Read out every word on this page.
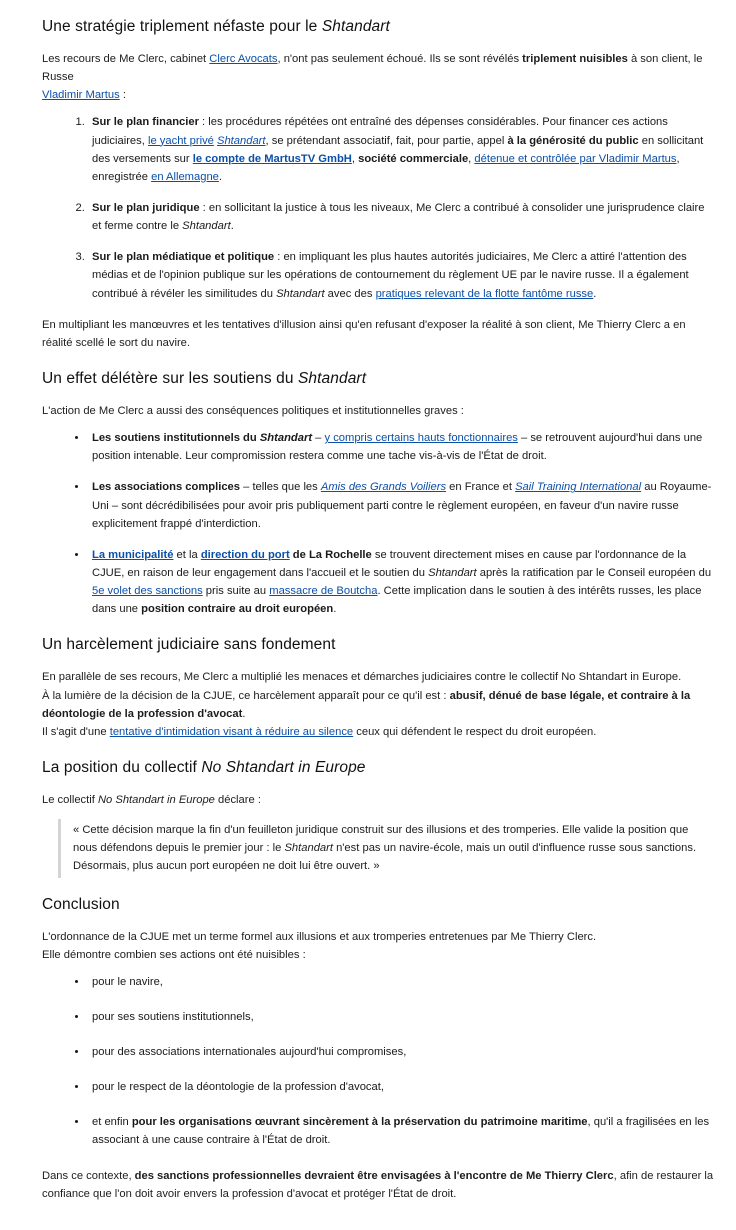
Une stratégie triplement néfaste pour le Shtandart

Les recours de Me Clerc, cabinet Clerc Avocats, n'ont pas seulement échoué. Ils se sont révélés triplement nuisibles à son client, le Russe
Vladimir Martus :

1. Sur le plan financier : les procédures répétées ont entraîné des dépenses considérables. Pour financer ces actions judiciaires, le yacht privé Shtandart, se prétendant associatif, fait, pour partie, appel à la générosité du public en sollicitant des versements sur le compte de MartusTV GmbH, société commerciale, détenue et contrôlée par Vladimir Martus, enregistrée en Allemagne.
2. Sur le plan juridique : en sollicitant la justice à tous les niveaux, Me Clerc a contribué à consolider une jurisprudence claire et ferme contre le Shtandart.
3. Sur le plan médiatique et politique : en impliquant les plus hautes autorités judiciaires, Me Clerc a attiré l'attention des médias et de l'opinion publique sur les opérations de contournement du règlement UE par le navire russe. Il a également contribué à révéler les similitudes du Shtandart avec des pratiques relevant de la flotte fantôme russe.

En multipliant les manœuvres et les tentatives d'illusion ainsi qu'en refusant d'exposer la réalité à son client, Me Thierry Clerc a en réalité scellé le sort du navire.

Un effet délétère sur les soutiens du Shtandart

L'action de Me Clerc a aussi des conséquences politiques et institutionnelles graves :

• Les soutiens institutionnels du Shtandart – y compris certains hauts fonctionnaires – se retrouvent aujourd'hui dans une position intenable. Leur compromission restera comme une tache vis-à-vis de l'État de droit.
• Les associations complices – telles que les Amis des Grands Voiliers en France et Sail Training International au Royaume-Uni – sont décrédibilisées pour avoir pris publiquement parti contre le règlement européen, en faveur d'un navire russe explicitement frappé d'interdiction.
• La municipalité et la direction du port de La Rochelle se trouvent directement mises en cause par l'ordonnance de la CJUE, en raison de leur engagement dans l'accueil et le soutien du Shtandart après la ratification par le Conseil européen du 5e volet des sanctions pris suite au massacre de Boutcha. Cette implication dans le soutien à des intérêts russes, les place dans une position contraire au droit européen.
Un harcèlement judiciaire sans fondement

En parallèle de ses recours, Me Clerc a multiplié les menaces et démarches judiciaires contre le collectif No Shtandart in Europe.
À la lumière de la décision de la CJUE, ce harcèlement apparaît pour ce qu'il est : abusif, dénué de base légale, et contraire à la déontologie de la profession d'avocat.
Il s'agit d'une tentative d'intimidation visant à réduire au silence ceux qui défendent le respect du droit européen.

La position du collectif No Shtandart in Europe

Le collectif No Shtandart in Europe déclare :

« Cette décision marque la fin d'un feuilleton juridique construit sur des illusions et des tromperies. Elle valide la position que nous défendons depuis le premier jour : le Shtandart n'est pas un navire-école, mais un outil d'influence russe sous sanctions. Désormais, plus aucun port européen ne doit lui être ouvert. »
Conclusion

L'ordonnance de la CJUE met un terme formel aux illusions et aux tromperies entretenues par Me Thierry Clerc.
Elle démontre combien ses actions ont été nuisibles :

• pour le navire,
• pour ses soutiens institutionnels,
• pour des associations internationales aujourd'hui compromises,
• pour le respect de la déontologie de la profession d'avocat,
• et enfin pour les organisations œuvrant sincèrement à la préservation du patrimoine maritime, qu'il a fragilisées en les associant à une cause contraire à l'État de droit.

Dans ce contexte, des sanctions professionnelles devraient être envisagées à l'encontre de Me Thierry Clerc, afin de restaurer la confiance que l'on doit avoir envers la profession d'avocat et protéger l'État de droit.
